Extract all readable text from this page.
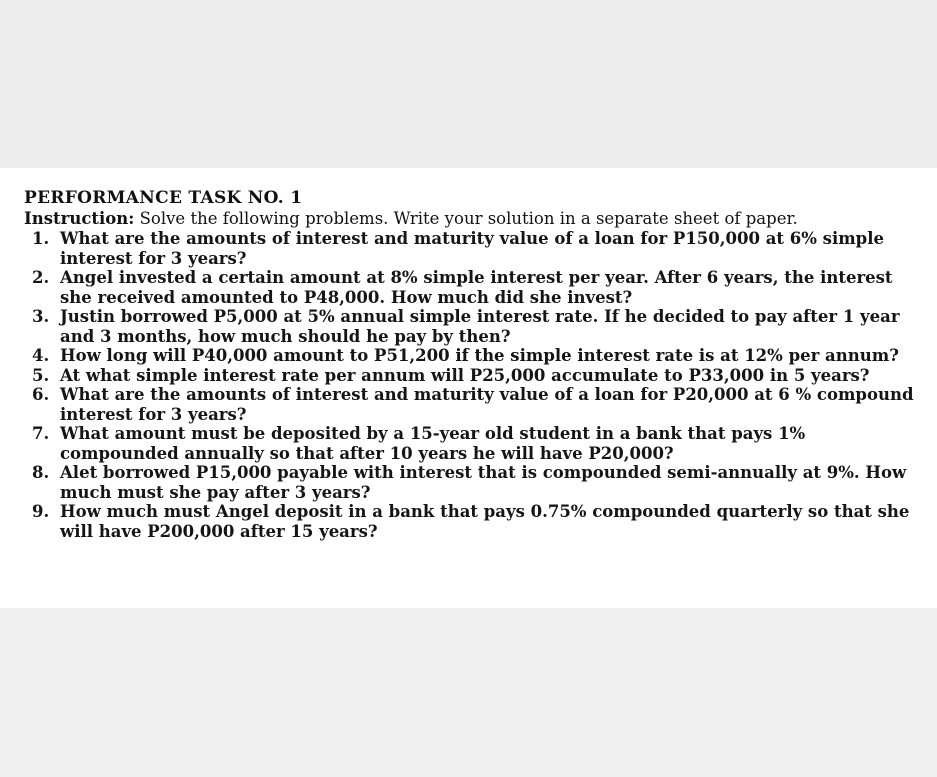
PERFORMANCE TASK NO. 1

Instruction: Solve the following problems. Write your solution in a separate sheet of paper.

1. What are the amounts of interest and maturity value of a loan for P150,000 at 6% simple interest for 3 years?
2. Angel invested a certain amount at 8% simple interest per year. After 6 years, the interest she received amounted to P48,000. How much did she invest?
3. Justin borrowed P5,000 at 5% annual simple interest rate. If he decided to pay after 1 year and 3 months, how much should he pay by then?
4. How long will P40,000 amount to P51,200 if the simple interest rate is at 12% per annum?
5. At what simple interest rate per annum will P25,000 accumulate to P33,000 in 5 years?
6. What are the amounts of interest and maturity value of a loan for P20,000 at 6 % compound interest for 3 years?
7. What amount must be deposited by a 15-year old student in a bank that pays 1% compounded annually so that after 10 years he will have P20,000?
8. Alet borrowed P15,000 payable with interest that is compounded semi-annually at 9%. How much must she pay after 3 years?
9. How much must Angel deposit in a bank that pays 0.75% compounded quarterly so that she will have P200,000 after 15 years?
